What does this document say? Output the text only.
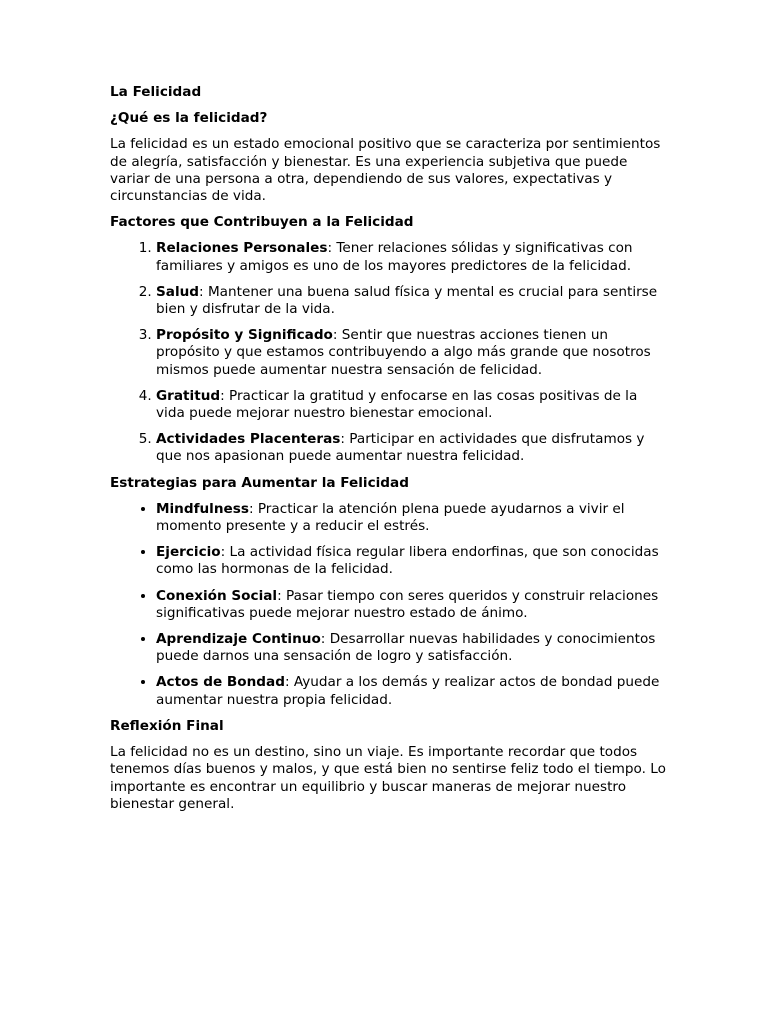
La Felicidad
¿Qué es la felicidad?

La felicidad es un estado emocional positivo que se caracteriza por sentimientos de alegría, satisfacción y bienestar. Es una experiencia subjetiva que puede variar de una persona a otra, dependiendo de sus valores, expectativas y circunstancias de vida.

Factores que Contribuyen a la Felicidad
1. Relaciones Personales: Tener relaciones sólidas y significativas con familiares y amigos es uno de los mayores predictores de la felicidad.
2. Salud: Mantener una buena salud física y mental es crucial para sentirse bien y disfrutar de la vida.
3. Propósito y Significado: Sentir que nuestras acciones tienen un propósito y que estamos contribuyendo a algo más grande que nosotros mismos puede aumentar nuestra sensación de felicidad.
4. Gratitud: Practicar la gratitud y enfocarse en las cosas positivas de la vida puede mejorar nuestro bienestar emocional.
5. Actividades Placenteras: Participar en actividades que disfrutamos y que nos apasionan puede aumentar nuestra felicidad.
Estrategias para Aumentar la Felicidad
• Mindfulness: Practicar la atención plena puede ayudarnos a vivir el momento presente y a reducir el estrés.
• Ejercicio: La actividad física regular libera endorfinas, que son conocidas como las hormonas de la felicidad.
• Conexión Social: Pasar tiempo con seres queridos y construir relaciones significativas puede mejorar nuestro estado de ánimo.
• Aprendizaje Continuo: Desarrollar nuevas habilidades y conocimientos puede darnos una sensación de logro y satisfacción.
• Actos de Bondad: Ayudar a los demás y realizar actos de bondad puede aumentar nuestra propia felicidad.
Reflexión Final

La felicidad no es un destino, sino un viaje. Es importante recordar que todos tenemos días buenos y malos, y que está bien no sentirse feliz todo el tiempo. Lo importante es encontrar un equilibrio y buscar maneras de mejorar nuestro bienestar general.
